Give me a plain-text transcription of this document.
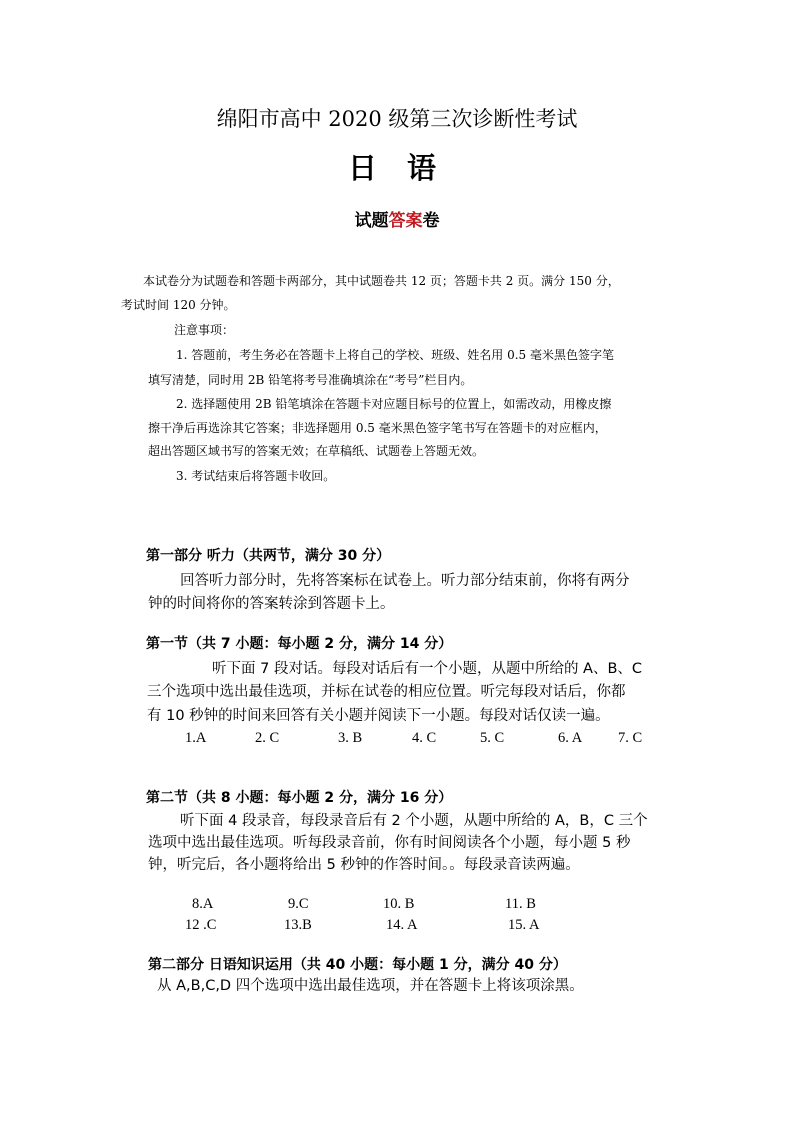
绵阳市高中 2020 级第三次诊断性考试
日 语
试题答案卷
本试卷分为试题卷和答题卡两部分，其中试题卷共 12 页；答题卡共 2 页。满分 150 分，
考试时间 120 分钟。
注意事项：
1. 答题前，考生务必在答题卡上将自己的学校、班级、姓名用 0.5 毫米黑色签字笔
填写清楚，同时用 2B 铅笔将考号准确填涂在“考号”栏目内。
2. 选择题使用 2B 铅笔填涂在答题卡对应题目标号的位置上，如需改动，用橡皮擦
擦干净后再选涂其它答案；非选择题用 0.5 毫米黑色签字笔书写在答题卡的对应框内，
超出答题区域书写的答案无效；在草稿纸、试题卷上答题无效。
3. 考试结束后将答题卡收回。
第一部分 听力（共两节，满分 30 分）
回答听力部分时，先将答案标在试卷上。听力部分结束前，你将有两分
钟的时间将你的答案转涂到答题卡上。
第一节（共 7 小题：每小题 2 分，满分 14 分）
听下面 7 段对话。每段对话后有一个小题，从题中所给的 A、B、C
三个选项中选出最佳选项，并标在试卷的相应位置。听完每段对话后，你都
有 10 秒钟的时间来回答有关小题并阅读下一小题。每段对话仅读一遍。
1.A	2. C	3. B	4. C	5. C	6. A 7. C
第二节（共 8 小题：每小题 2 分，满分 16 分）
听下面 4 段录音，每段录音后有 2 个小题，从题中所给的 A，B，C 三个
选项中选出最佳选项。听每段录音前，你有时间阅读各个小题，每小题 5 秒
钟，听完后，各小题将给出 5 秒钟的作答时间。。每段录音读两遍。
8.A	9.C	10. B	11. B
12 .C	13.B	14. A	15. A
第二部分 日语知识运用（共 40 小题：每小题 1 分，满分 40 分）
从 A,B,C,D 四个选项中选出最佳选项，并在答题卡上将该项涂黑。
